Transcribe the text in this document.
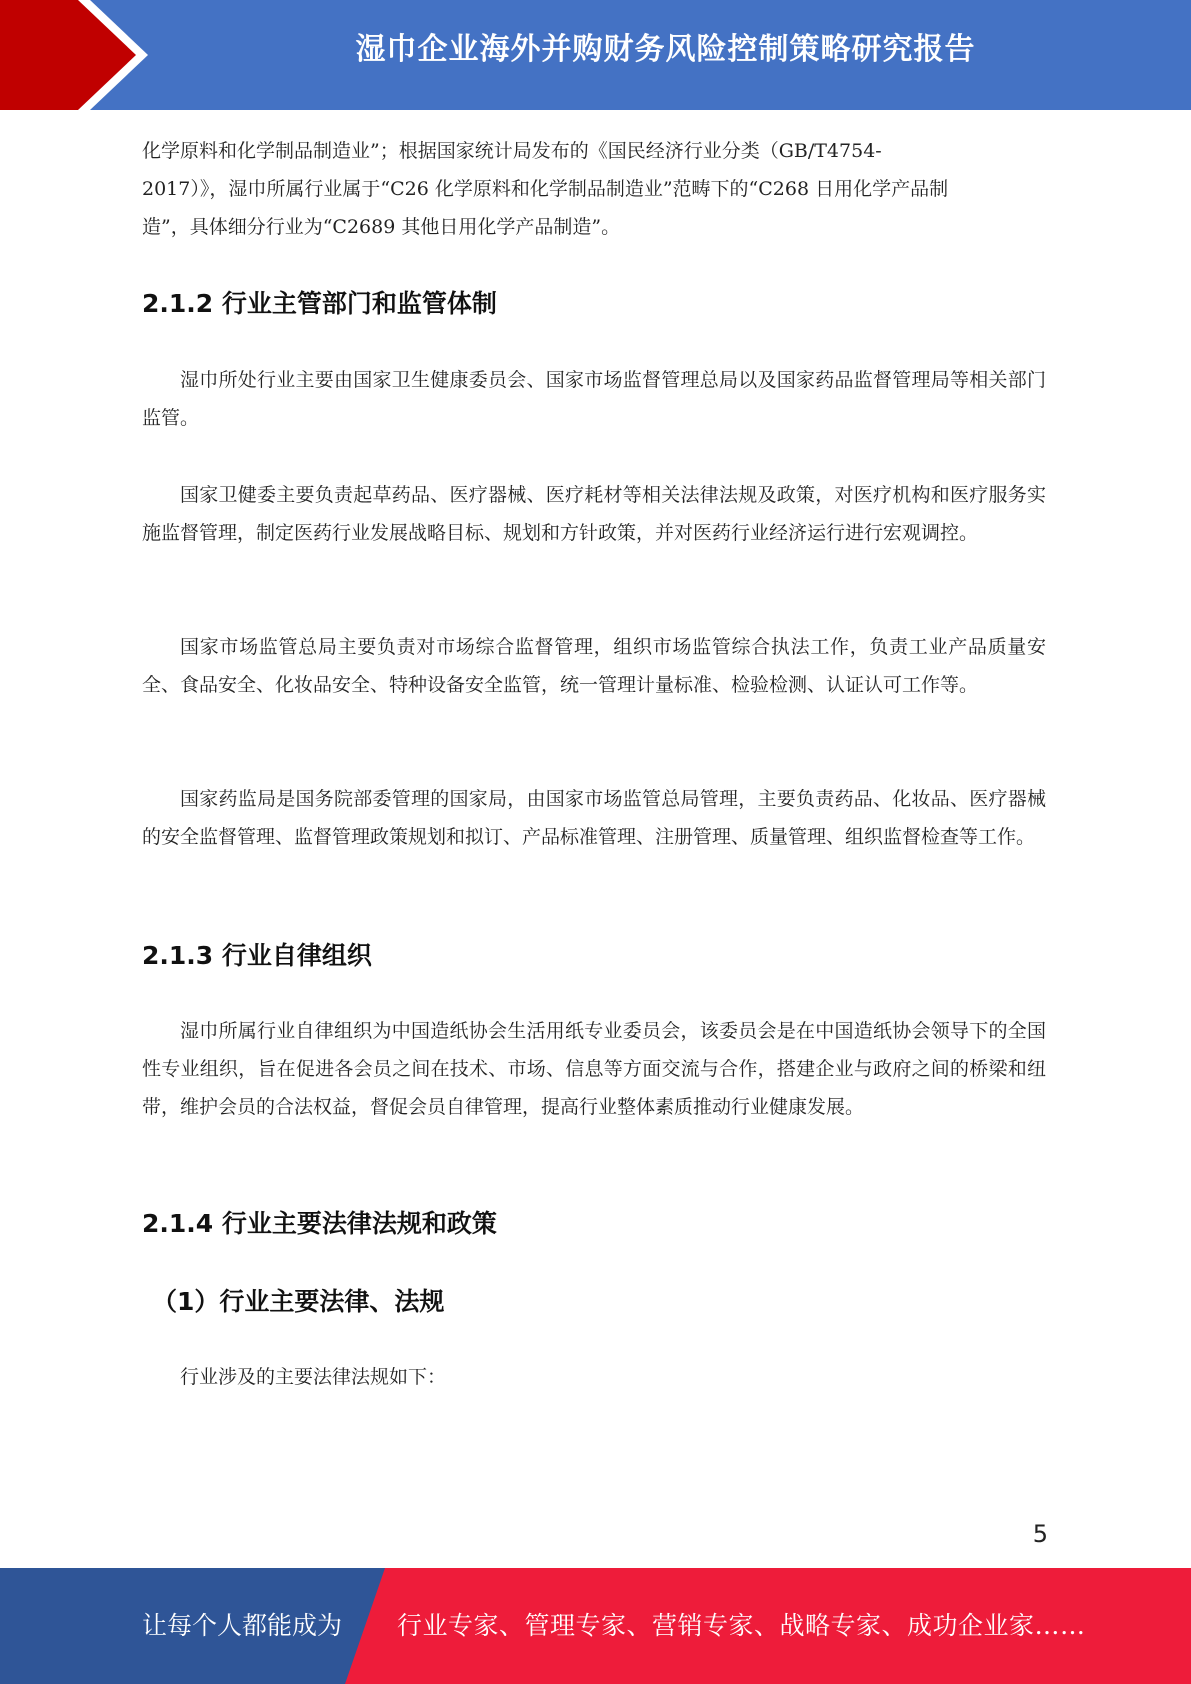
湿巾企业海外并购财务风险控制策略研究报告

化学原料和化学制品制造业”；根据国家统计局发布的《国民经济行业分类（GB/T4754-

2017）》，湿巾所属行业属于“C26 化学原料和化学制品制造业”范畴下的“C268 日用化学产品制

造”，具体细分行业为“C2689 其他日用化学产品制造”。

2.1.2 行业主管部门和监管体制

湿巾所处行业主要由国家卫生健康委员会、国家市场监督管理总局以及国家药品监督管理局等相关部门监管。

国家卫健委主要负责起草药品、医疗器械、医疗耗材等相关法律法规及政策，对医疗机构和医疗服务实施监督管理，制定医药行业发展战略目标、规划和方针政策，并对医药行业经济运行进行宏观调控。

国家市场监管总局主要负责对市场综合监督管理，组织市场监管综合执法工作，负责工业产品质量安全、食品安全、化妆品安全、特种设备安全监管，统一管理计量标准、检验检测、认证认可工作等。

国家药监局是国务院部委管理的国家局，由国家市场监管总局管理，主要负责药品、化妆品、医疗器械的安全监督管理、监督管理政策规划和拟订、产品标准管理、注册管理、质量管理、组织监督检查等工作。

2.1.3 行业自律组织

湿巾所属行业自律组织为中国造纸协会生活用纸专业委员会，该委员会是在中国造纸协会领导下的全国性专业组织，旨在促进各会员之间在技术、市场、信息等方面交流与合作，搭建企业与政府之间的桥梁和纽带，维护会员的合法权益，督促会员自律管理，提高行业整体素质推动行业健康发展。

2.1.4 行业主要法律法规和政策
（1）行业主要法律、法规

行业涉及的主要法律法规如下：

5
让每个人都能成为 行业专家、管理专家、营销专家、战略专家、成功企业家……
